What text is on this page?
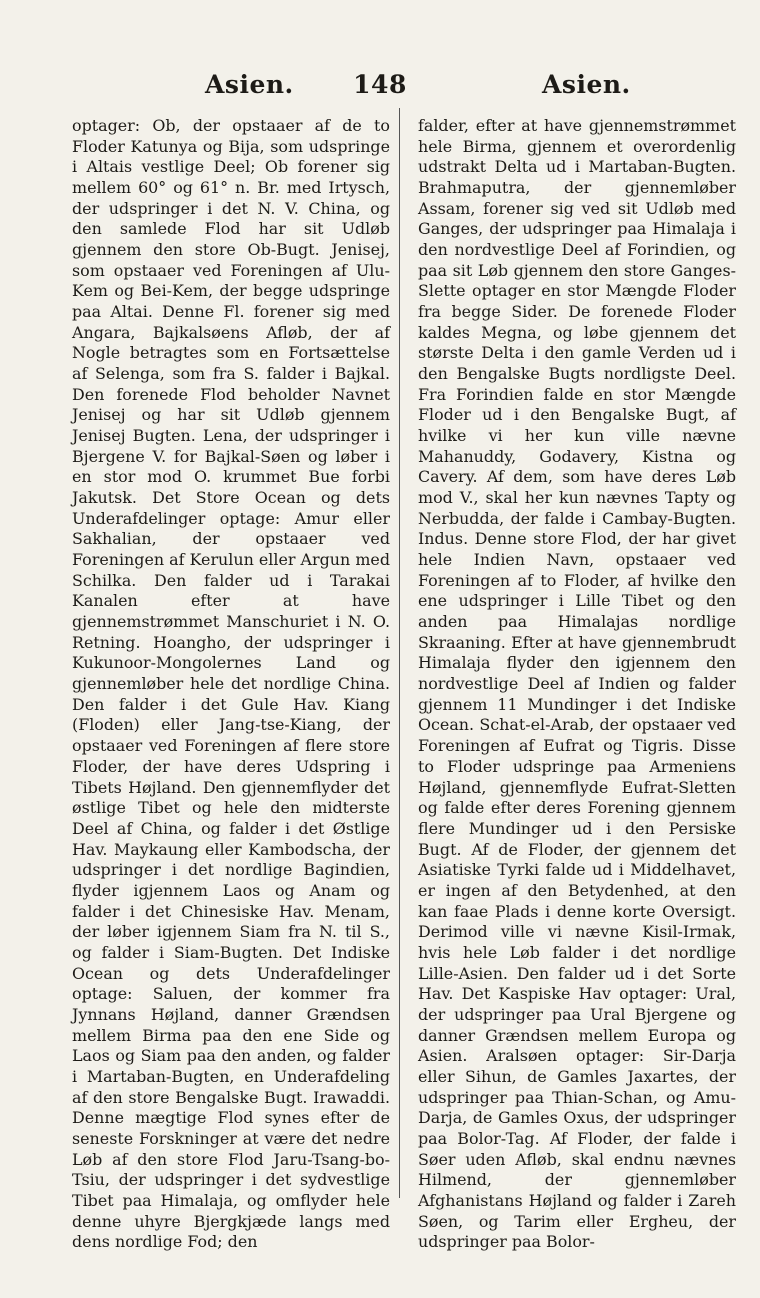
Asien.	148	Asien.

optager: Ob, der opstaaer af de to Floder Katunya og Bija, som udspringe i Altais vestlige Deel; Ob forener sig mellem 60° og 61° n. Br. med Irtysch, der udspringer i det N. V. China, og den samlede Flod har sit Udløb gjennem den store Ob-Bugt. Jenisej, som opstaaer ved Foreningen af Ulu-Kem og Bei-Kem, der begge udspringe paa Altai. Denne Fl. forener sig med Angara, Bajkalsøens Afløb, der af Nogle betragtes som en Fortsættelse af Selenga, som fra S. falder i Bajkal. Den forenede Flod beholder Navnet Jenisej og har sit Udløb gjennem Jenisej Bugten. Lena, der udspringer i Bjergene V. for Bajkal-Søen og løber i en stor mod O. krummet Bue forbi Jakutsk. Det Store Ocean og dets Underafdelinger optage: Amur eller Sakhalian, der opstaaer ved Foreningen af Kerulun eller Argun med Schilka. Den falder ud i Tarakai Kanalen efter at have gjennemstrømmet Manschuriet i N. O. Retning. Hoangho, der udspringer i Kukunoor-Mongolernes Land og gjennemløber hele det nordlige China. Den falder i det Gule Hav. Kiang (Floden) eller Jang-tse-Kiang, der opstaaer ved Foreningen af flere store Floder, der have deres Udspring i Tibets Højland. Den gjennemflyder det østlige Tibet og hele den midterste Deel af China, og falder i det Østlige Hav. Maykaung eller Kambodscha, der udspringer i det nordlige Bagindien, flyder igjennem Laos og Anam og falder i det Chinesiske Hav. Menam, der løber igjennem Siam fra N. til S., og falder i Siam-Bugten. Det Indiske Ocean og dets Underafdelinger optage: Saluen, der kommer fra Jynnans Højland, danner Grændsen mellem Birma paa den ene Side og Laos og Siam paa den anden, og falder i Martaban-Bugten, en Underafdeling af den store Bengalske Bugt. Irawaddi. Denne mægtige Flod synes efter de seneste Forskninger at være det nedre Løb af den store Flod Jaru-Tsang-bo-Tsiu, der udspringer i det sydvestlige Tibet paa Himalaja, og omflyder hele denne uhyre Bjergkjæde langs med dens nordlige Fod; den

falder, efter at have gjennemstrømmet hele Birma, gjennem et overordenlig udstrakt Delta ud i Martaban-Bugten. Brahmaputra, der gjennemløber Assam, forener sig ved sit Udløb med Ganges, der udspringer paa Himalaja i den nordvestlige Deel af Forindien, og paa sit Løb gjennem den store Ganges-Slette optager en stor Mængde Floder fra begge Sider. De forenede Floder kaldes Megna, og løbe gjennem det største Delta i den gamle Verden ud i den Bengalske Bugts nordligste Deel. Fra Forindien falde en stor Mængde Floder ud i den Bengalske Bugt, af hvilke vi her kun ville nævne Mahanuddy, Godavery, Kistna og Cavery. Af dem, som have deres Løb mod V., skal her kun nævnes Tapty og Nerbudda, der falde i Cambay-Bugten. Indus. Denne store Flod, der har givet hele Indien Navn, opstaaer ved Foreningen af to Floder, af hvilke den ene udspringer i Lille Tibet og den anden paa Himalajas nordlige Skraaning. Efter at have gjennembrudt Himalaja flyder den igjennem den nordvestlige Deel af Indien og falder gjennem 11 Mundinger i det Indiske Ocean. Schat-el-Arab, der opstaaer ved Foreningen af Eufrat og Tigris. Disse to Floder udspringe paa Armeniens Højland, gjennemflyde Eufrat-Sletten og falde efter deres Forening gjennem flere Mundinger ud i den Persiske Bugt. Af de Floder, der gjennem det Asiatiske Tyrki falde ud i Middelhavet, er ingen af den Betydenhed, at den kan faae Plads i denne korte Oversigt. Derimod ville vi nævne Kisil-Irmak, hvis hele Løb falder i det nordlige Lille-Asien. Den falder ud i det Sorte Hav. Det Kaspiske Hav optager: Ural, der udspringer paa Ural Bjergene og danner Grændsen mellem Europa og Asien. Aralsøen optager: Sir-Darja eller Sihun, de Gamles Jaxartes, der udspringer paa Thian-Schan, og Amu-Darja, de Gamles Oxus, der udspringer paa Bolor-Tag. Af Floder, der falde i Søer uden Afløb, skal endnu nævnes Hilmend, der gjennemløber Afghanistans Højland og falder i Zareh Søen, og Tarim eller Ergheu, der udspringer paa Bolor-
